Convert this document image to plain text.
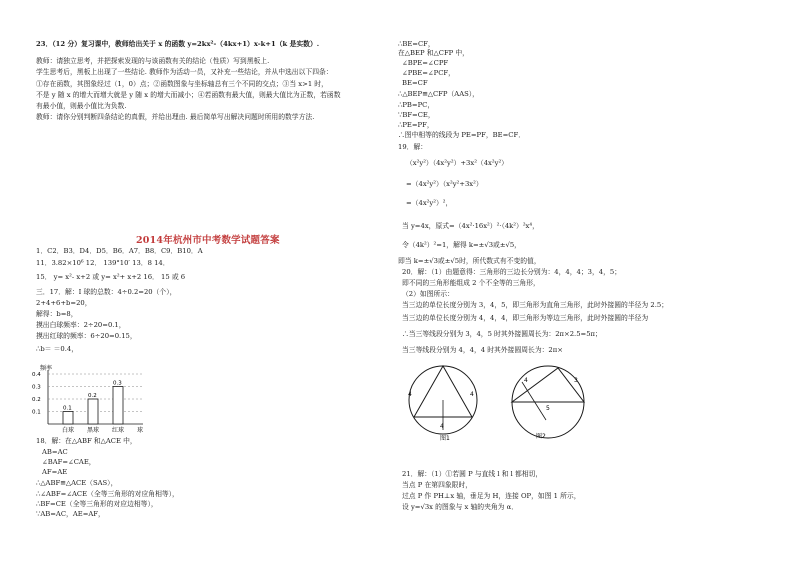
23．（12 分）复习课中，教师给出关于 x 的函数 y=2kx²-（4kx+1）x-k+1（k 是实数）.
教师：请独立思考，并把探索发现的与该函数有关的结论（性质）写到黑板上.
学生思考后，黑板上出现了一些结论. 教师作为活动一员，又补充一些结论，并从中选出以下四条：
①存在函数，其图象经过（1，0）点；②函数图象与坐标轴总有三个不同的交点；③当 x>1 时，
不是 y 随 x 的增大而增大就是 y 随 x 的增大而减小；④若函数有最大值，则最大值比为正数，若函数
有最小值，则最小值比为负数.
教师：请你分别判断四条结论的真假，并给出理由. 最后简单写出解决问题时所用的数学方法.
2014年杭州市中考数学试题答案
1．C2．B3．D4．D5．B6．A7．B8．C9．B10．A
11．3.82×10⁶ 12． 139°10′ 13．8 14．
15． y= x²- x+2 或 y= x²+ x+2 16． 15 或 6
三．17．解：I 球的总数：4÷0.2=20（个），
2+4+6+b=20，
解得：b=8，
摸出白球频率：2÷20=0.1，
摸出红球的频率：6÷20=0.15，
∴b＝ ＝0.4，
频率
0.1
0.2
0.3
0.4
0.1
白球
0.2
黑球
0.3
红球 球
18．解：在△ABF 和△ACE 中，
AB=AC
∠BAF=∠CAE，
AF=AE
∴△ABF≌△ACE（SAS），
∴∠ABF=∠ACE（全等三角形的对应角相等），
∴BF=CE（全等三角形的对应边相等），
∵AB=AC，AE=AF，
∴BE=CF，
在△BEP 和△CFP 中，
∠BPE=∠CPF
∠PBE=∠PCF，
BE=CF
∴△BEP≌△CFP（AAS），
∴PB=PC，
∵BF=CE，
∴PE=PF，
∴图中相等的线段为 PE=PF，BE=CF．
19．解：
（x²y²）（4x²y²）+3x²（4x²y²）
=（4x²y²）（x²y²+3x²）
=（4x²y²）²，
当 y=4x，原式=（4x²·16x²）²·（4k²）²x⁴，
令（4k²）²=1，解得 k=±√3或±√5，
即当 k=±√3或±√5时，所代数式有不变的值，
20．解：（1）由题意得：三角形的三边长分别为：4，4，4；3，4，5；
即不同的三角形能组成 2 个不全等的三角形，
（2）如图所示：
当三边的单位长度分别为 3，4，5，即三角形为直角三角形，此时外接圆的半径为 2.5；
当三边的单位长度分别为 4，4，4，即三角形为等边三角形，此时外接圆的半径为
∴当三等线段分别为 3，4，5 时其外接圆周长为：2π×2.5=5π；
当三等线段分别为 4，4，4 时其外接圆周长为：2π×
4	4
4
图1
4	3
5
图2
21．解：（1）①若圆 P 与直线 l 和 l 都相切，
当点 P 在第四象限时，
过点 P 作 PH⊥x 轴，垂足为 H，连接 OP，如图 1 所示，
设 y=√3x 的图象与 x 轴的夹角为 α．
